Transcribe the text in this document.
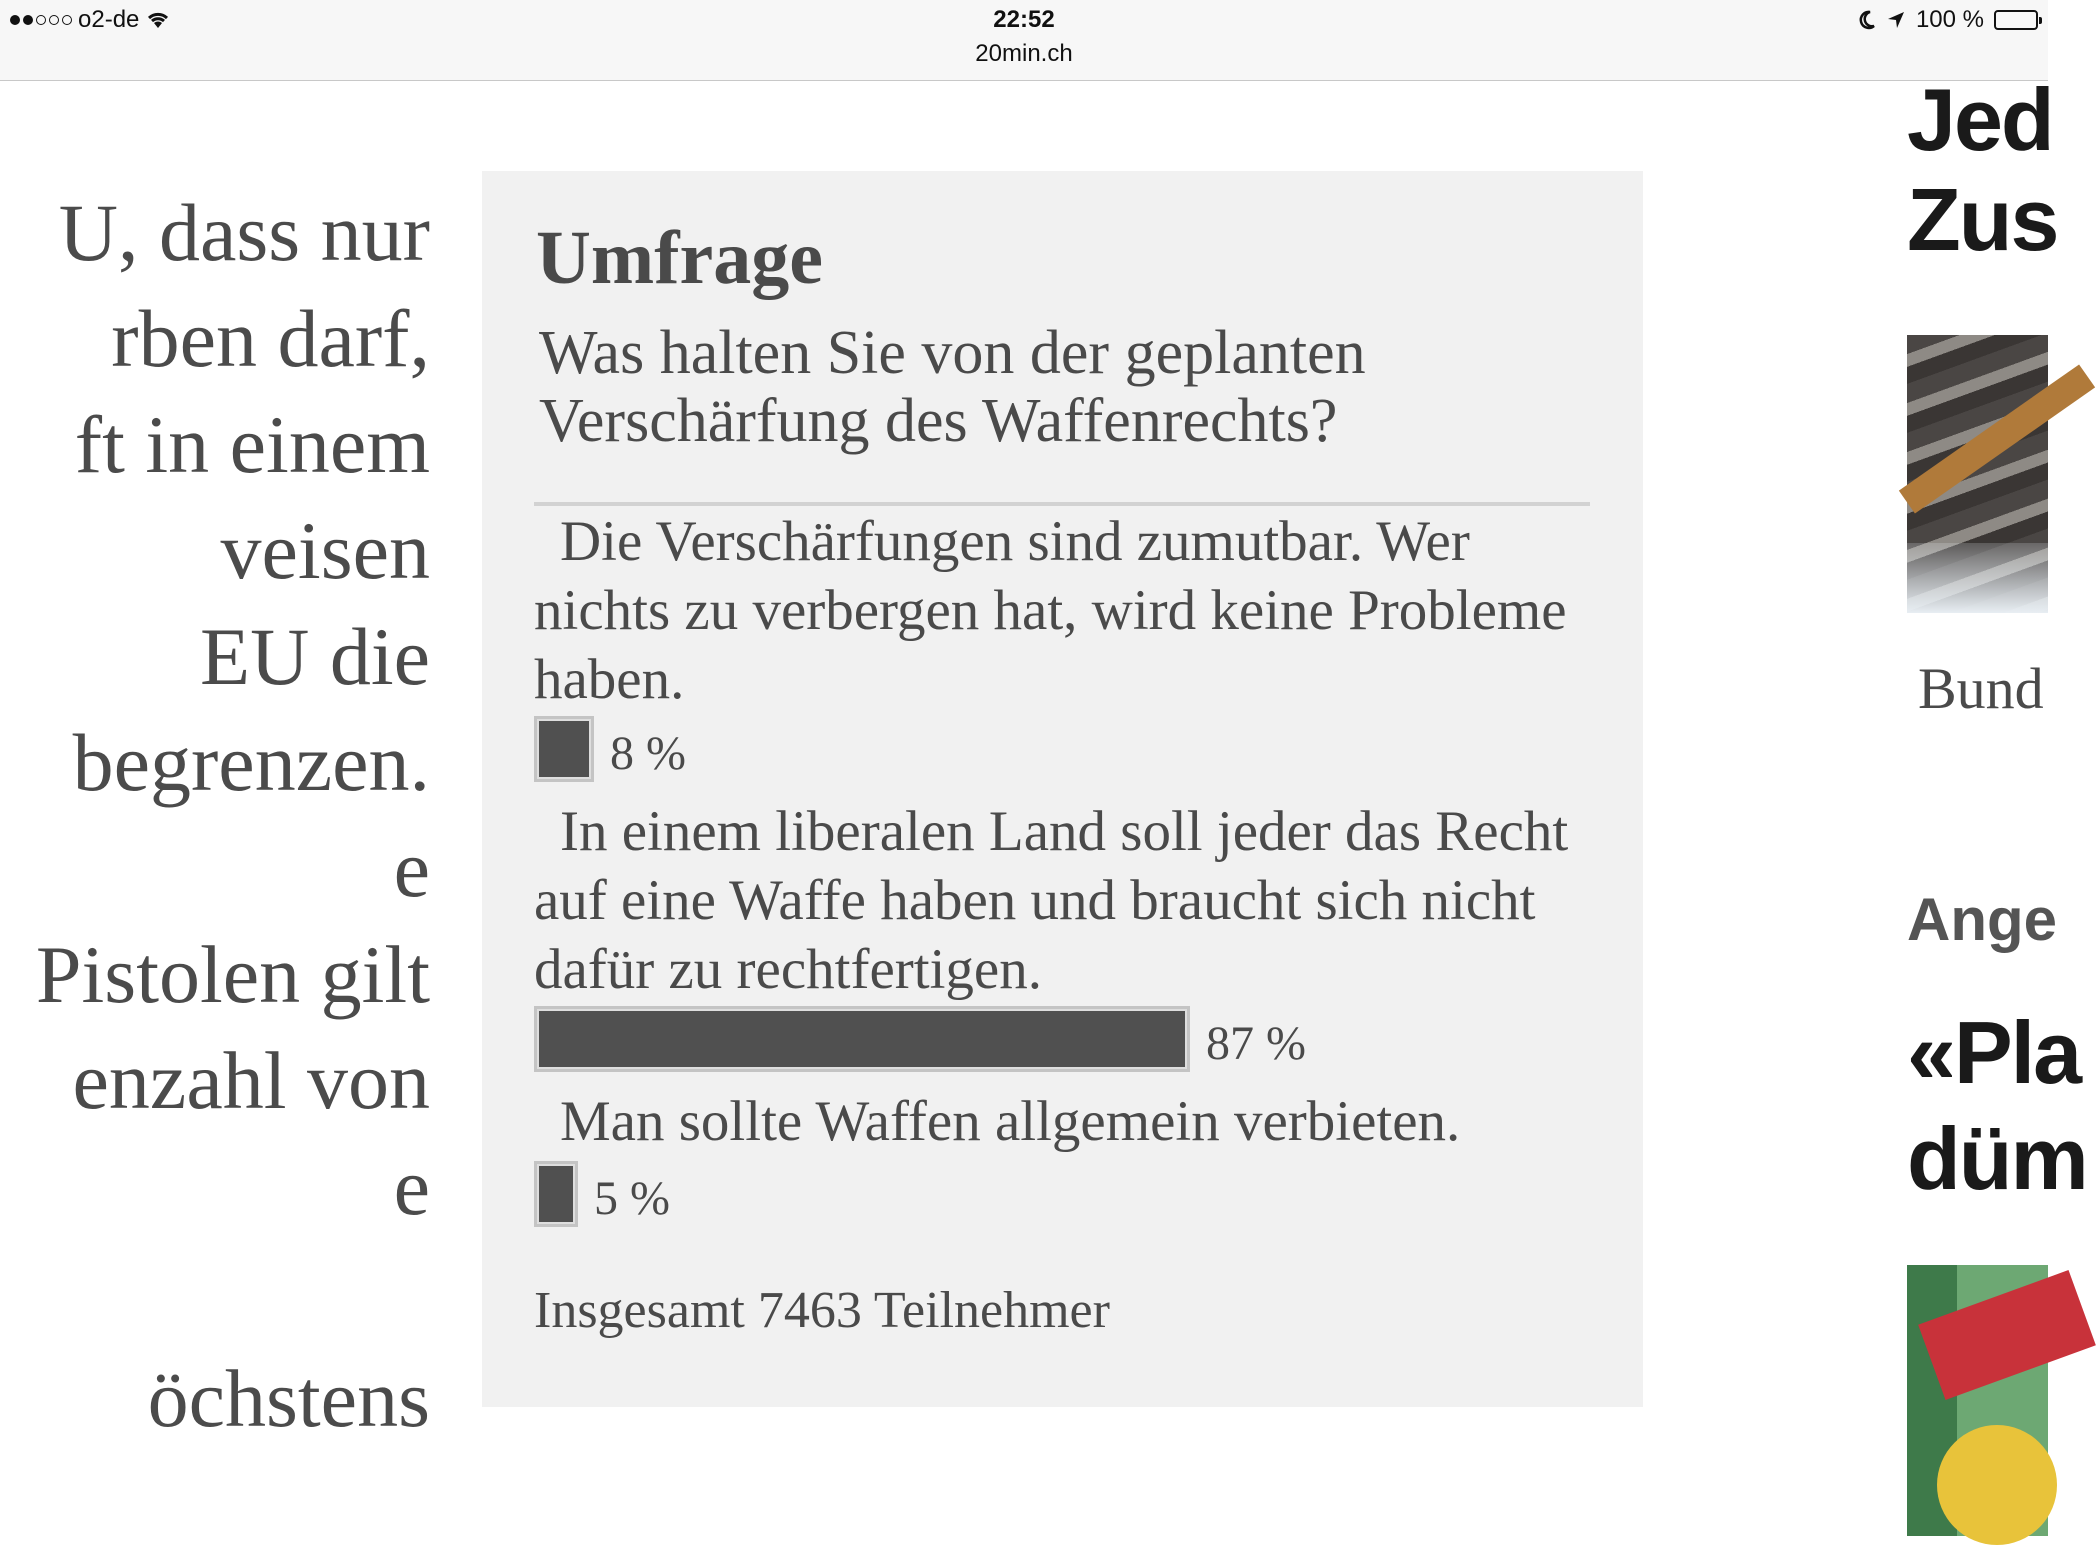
o2-de	22:52
20min.ch
100 %
U, dass nur
rben darf,
ft in einem
veisen
EU die
begrenzen.
e
Pistolen gilt
enzahl von
e
öchstens
Umfrage
Was halten Sie von der geplanten Verschärfung des Waffenrechts?
Die Verschärfungen sind zumutbar. Wer nichts zu verbergen hat, wird keine Probleme haben.
8 %
In einem liberalen Land soll jeder das Recht auf eine Waffe haben und braucht sich nicht dafür zu rechtfertigen.
87 %
Man sollte Waffen allgemein verbieten.
5 %
Insgesamt 7463 Teilnehmer
Jed
Zus
Bund
Ange
«Pla
düm
